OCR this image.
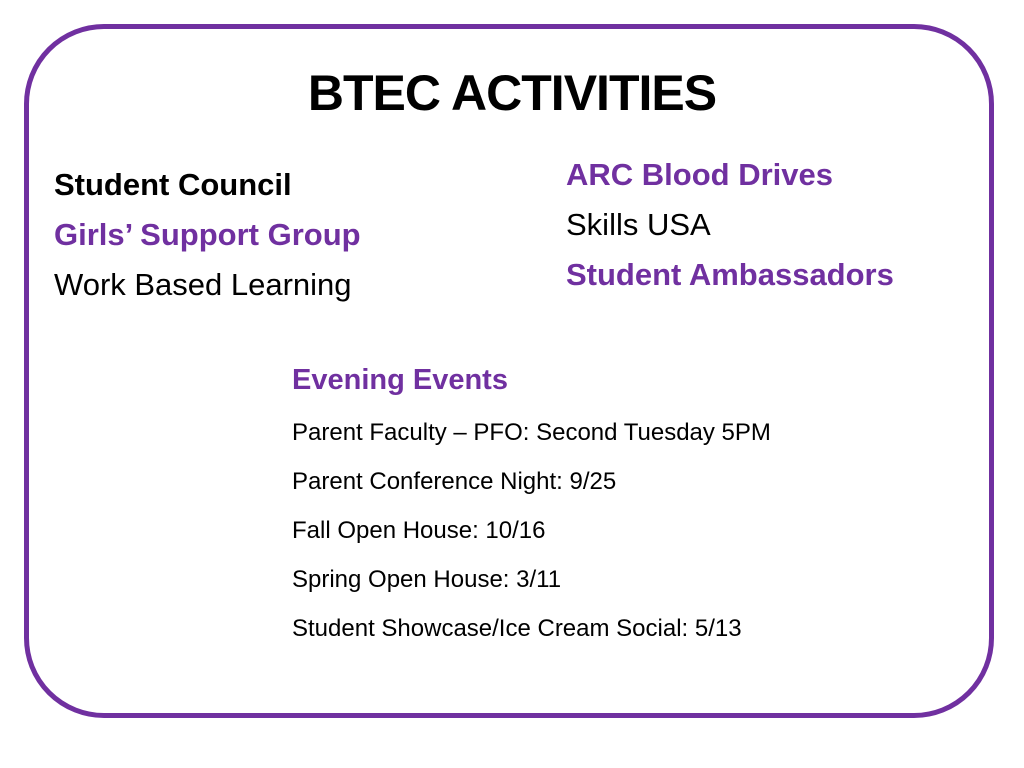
BTEC ACTIVITIES
Student Council
Girls’ Support Group
Work Based Learning
ARC Blood Drives
Skills USA
Student Ambassadors
Evening Events
Parent Faculty – PFO: Second Tuesday 5PM
Parent Conference Night: 9/25
Fall Open House: 10/16
Spring Open House: 3/11
Student Showcase/Ice Cream Social: 5/13
